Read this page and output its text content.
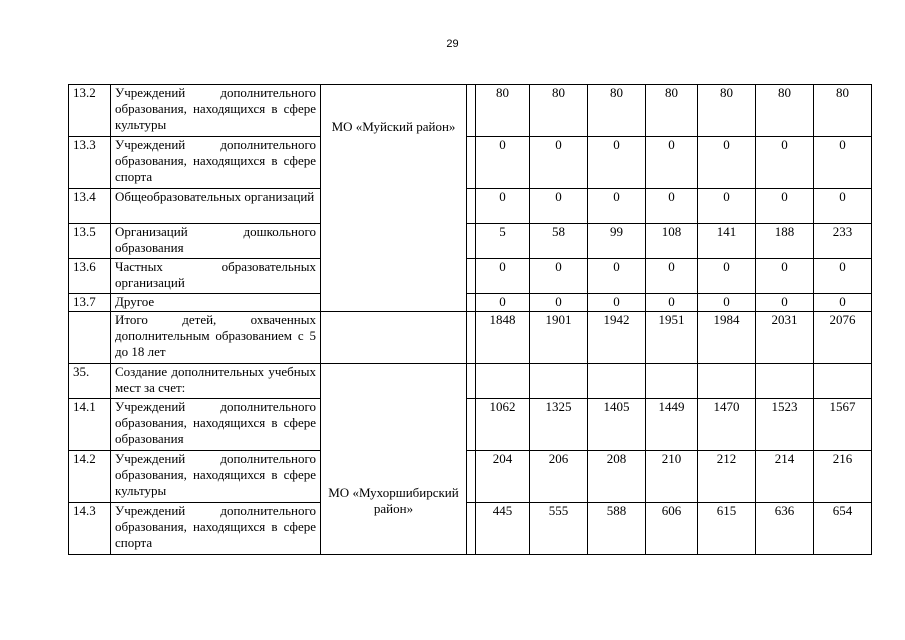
29
13.2	Учреждений дополнительного образования, находящихся в сфере культуры	МО «Муйский район»		80	80	80	80	80	80	80
13.3	Учреждений дополнительного образования, находящихся в сфере спорта			0	0	0	0	0	0	0
13.4	Общеобразовательных организаций			0	0	0	0	0	0	0
13.5	Организаций дошкольного образования			5	58	99	108	141	188	233
13.6	Частных образовательных организаций			0	0	0	0	0	0	0
13.7	Другое			0	0	0	0	0	0	0
	Итого детей, охваченных дополнительным образованием с 5 до 18 лет			1848	1901	1942	1951	1984	2031	2076
35.	Создание дополнительных учебных мест за счет:	МО «Мухоршибирский район»								

14.1	Учреждений дополнительного образования, находящихся в сфере образования			1062	1325	1405	1449	1470	1523	1567
14.2	Учреждений дополнительного образования, находящихся в сфере культуры			204	206	208	210	212	214	216
14.3	Учреждений дополнительного образования, находящихся в сфере спорта			445	555	588	606	615	636	654
